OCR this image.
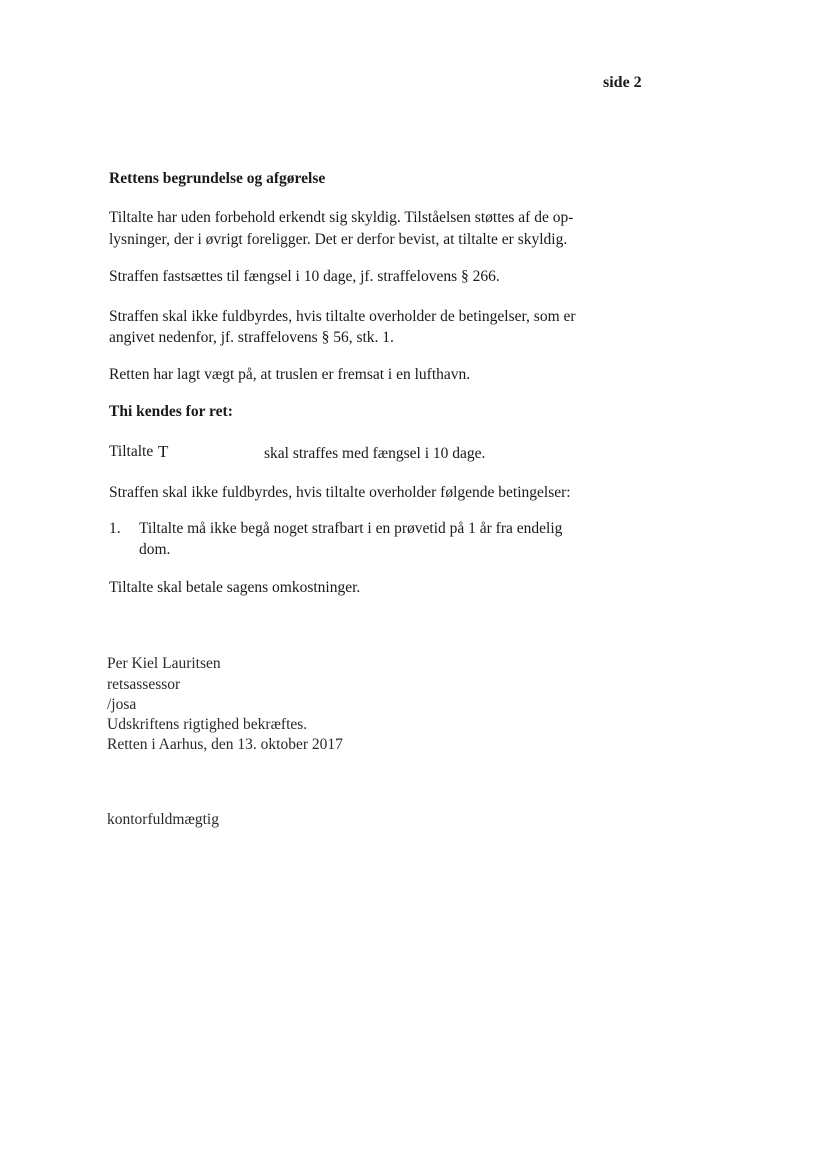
side 2
Rettens begrundelse og afgørelse
Tiltalte har uden forbehold erkendt sig skyldig. Tilståelsen støttes af de op-
lysninger, der i øvrigt foreligger. Det er derfor bevist, at tiltalte er skyldig.
Straffen fastsættes til fængsel i 10 dage, jf. straffelovens § 266.
Straffen skal ikke fuldbyrdes, hvis tiltalte overholder de betingelser, som er
angivet nedenfor, jf. straffelovens § 56, stk. 1.
Retten har lagt vægt på, at truslen er fremsat i en lufthavn.
Thi kendes for ret:
Tiltalte T	skal straffes med fængsel i 10 dage.
Straffen skal ikke fuldbyrdes, hvis tiltalte overholder følgende betingelser:
1. Tiltalte må ikke begå noget strafbart i en prøvetid på 1 år fra endelig
dom.
Tiltalte skal betale sagens omkostninger.
Per Kiel Lauritsen
retsassessor
/josa
Udskriftens rigtighed bekræftes.
Retten i Aarhus, den 13. oktober 2017
kontorfuldmægtig
